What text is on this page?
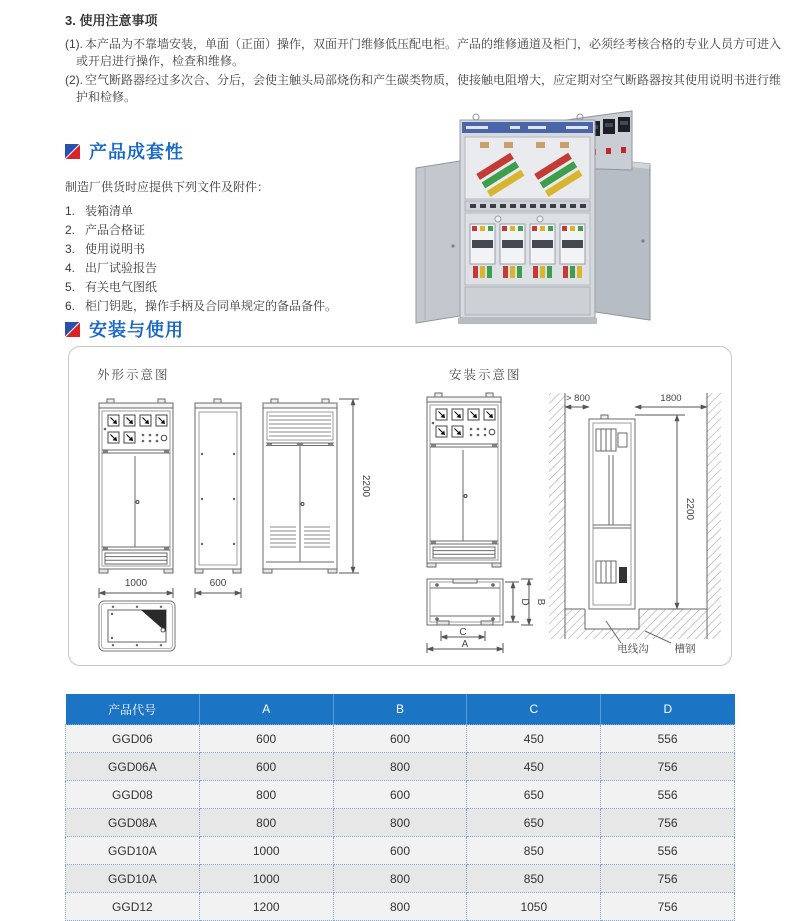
3. 使用注意事项
(1). 本产品为不靠墙安装，单面（正面）操作，双面开门维修低压配电柜。产品的维修通道及柜门，必须经考核合格的专业人员方可进入或开启进行操作，检查和维修。
(2). 空气断路器经过多次合、分后，会使主触头局部烧伤和产生碳类物质，使接触电阻增大，应定期对空气断路器按其使用说明书进行维护和检修。
产品成套性
制造厂供货时应提供下列文件及附件：
1. 装箱清单
2. 产品合格证
3. 使用说明书
4. 出厂试验报告
5. 有关电气图纸
6. 柜门钥匙，操作手柄及合同单规定的备品备件。
安装与使用
外形示意图	安装示意图
1000	600
2200
D B
C
A
> 800	1800
2200
电线沟 槽钢
产品代号	A	B	C	D
GGD06	600	600	450	556
GGD06A	600	800	450	756
GGD08	800	600	650	556
GGD08A	800	800	650	756
GGD10A	1000	600	850	556
GGD10A	1000	800	850	756
GGD12	1200	800	1050	756
